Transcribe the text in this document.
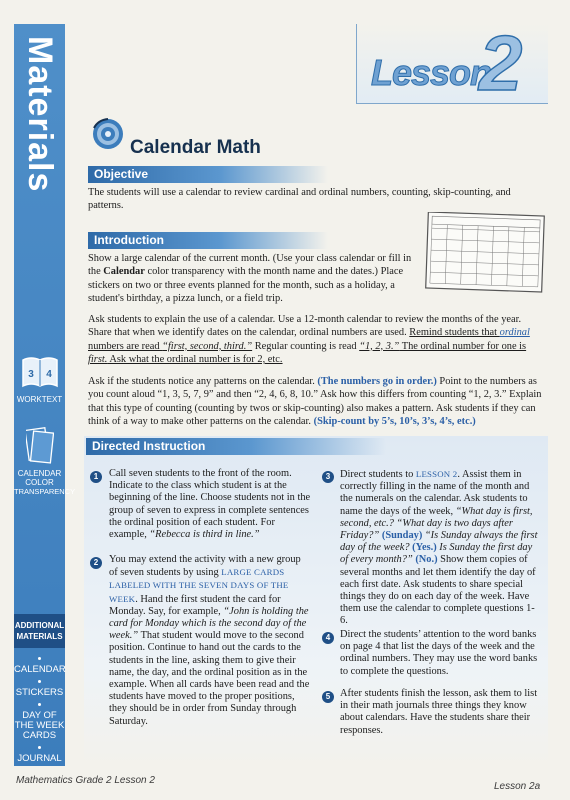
Materials
3 4
WORKTEXT
CALENDAR
COLOR
TRANSPARENCY
ADDITIONAL
MATERIALS
CALENDAR
STICKERS
DAY OF
THE WEEK
CARDS
JOURNAL
Lesson
2
Calendar Math
Objective
The students will use a calendar to review cardinal and ordinal numbers, counting, skip-counting, and patterns.
Introduction
Show a large calendar of the current month. (Use your class calendar or fill in the Calendar color transparency with the month name and the dates.) Place stickers on two or three events planned for the month, such as a holiday, a student's birthday, a pizza lunch, or a field trip.
Ask students to explain the use of a calendar. Use a 12-month calendar to review the months of the year. Share that when we identify dates on the calendar, ordinal numbers are used. Remind students that ordinal numbers are read “first, second, third.” Regular counting is read “1, 2, 3.” The ordinal number for one is first. Ask what the ordinal number is for 2, etc.
Ask if the students notice any patterns on the calendar. (The numbers go in order.) Point to the numbers as you count aloud “1, 3, 5, 7, 9” and then “2, 4, 6, 8, 10.” Ask how this differs from counting “1, 2, 3.” Explain that this type of counting (counting by twos or skip-counting) also makes a pattern. Ask students if they can think of a way to make other patterns on the calendar. (Skip-count by 5’s, 10’s, 3’s, 4’s, etc.)
Directed Instruction
1	Call seven students to the front of the room. Indicate to the class which student is at the beginning of the line. Choose students not in the group of seven to express in complete sentences the ordinal position of each student. For example, “Rebecca is third in line.”
2	You may extend the activity with a new group of seven students by using LARGE CARDS LABELED WITH THE SEVEN DAYS OF THE WEEK. Hand the first student the card for Monday. Say, for example, “John is holding the card for Monday which is the second day of the week.” That student would move to the second position. Continue to hand out the cards to the students in the line, asking them to give their name, the day, and the ordinal position as in the example. When all cards have been read and the students have moved to the proper positions, they should be in order from Sunday through Saturday.
3 Direct students to LESSON 2. Assist them in correctly filling in the name of the month and the numerals on the calendar. Ask students to name the days of the week, “What day is first, second, etc.? “What day is two days after Friday?” (Sunday) “Is Sunday always the first day of the week? (Yes.) Is Sunday the first day of every month?” (No.) Show them copies of several months and let them identify the day of each first date. Ask students to share special things they do on each day of the week. Have them use the calendar to complete questions 1-6.
4 Direct the students’ attention to the word banks on page 4 that list the days of the week and the ordinal numbers. They may use the word banks to complete the questions.
5 After students finish the lesson, ask them to list in their math journals three things they know about calendars. Have the students share their responses.
Mathematics Grade 2 Lesson 2
Lesson 2a
